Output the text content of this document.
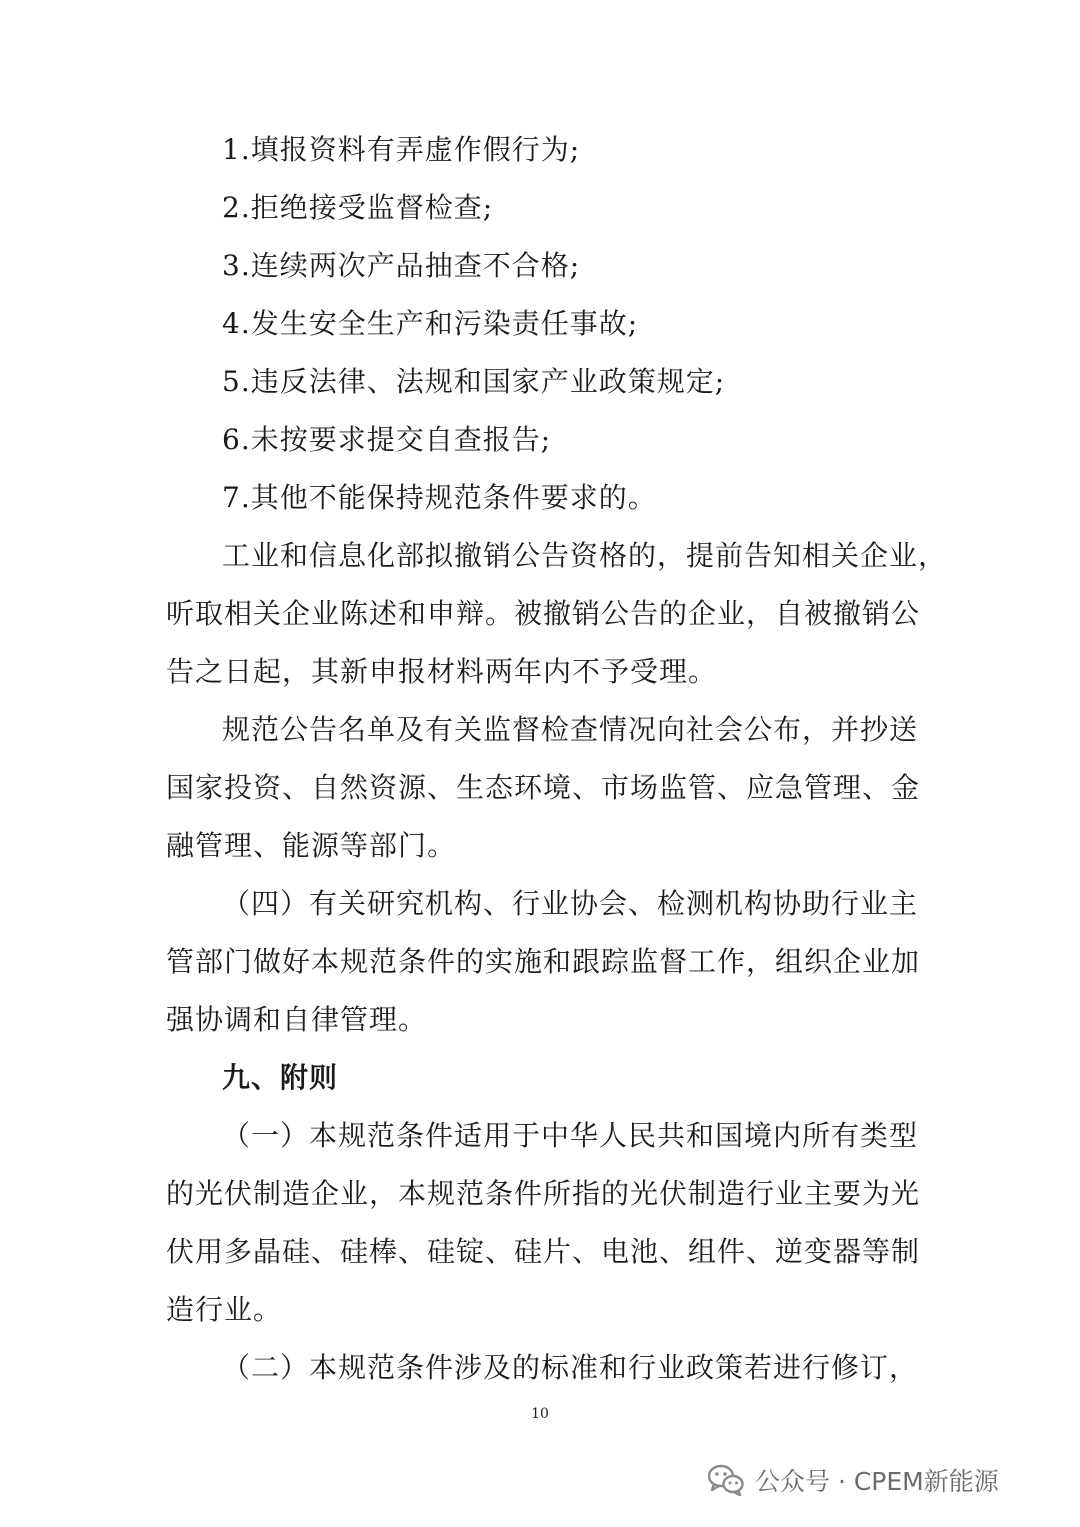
1.填报资料有弄虚作假行为;
2.拒绝接受监督检查;
3.连续两次产品抽查不合格;
4.发生安全生产和污染责任事故;
5.违反法律、法规和国家产业政策规定;
6.未按要求提交自查报告;
7.其他不能保持规范条件要求的。
工业和信息化部拟撤销公告资格的，提前告知相关企业，
听取相关企业陈述和申辩。被撤销公告的企业，自被撤销公
告之日起，其新申报材料两年内不予受理。
规范公告名单及有关监督检查情况向社会公布，并抄送
国家投资、自然资源、生态环境、市场监管、应急管理、金
融管理、能源等部门。
（四）有关研究机构、行业协会、检测机构协助行业主
管部门做好本规范条件的实施和跟踪监督工作，组织企业加
强协调和自律管理。
九、附则
（一）本规范条件适用于中华人民共和国境内所有类型
的光伏制造企业，本规范条件所指的光伏制造行业主要为光
伏用多晶硅、硅棒、硅锭、硅片、电池、组件、逆变器等制
造行业。
（二）本规范条件涉及的标准和行业政策若进行修订，
10
公众号 · CPEM新能源
